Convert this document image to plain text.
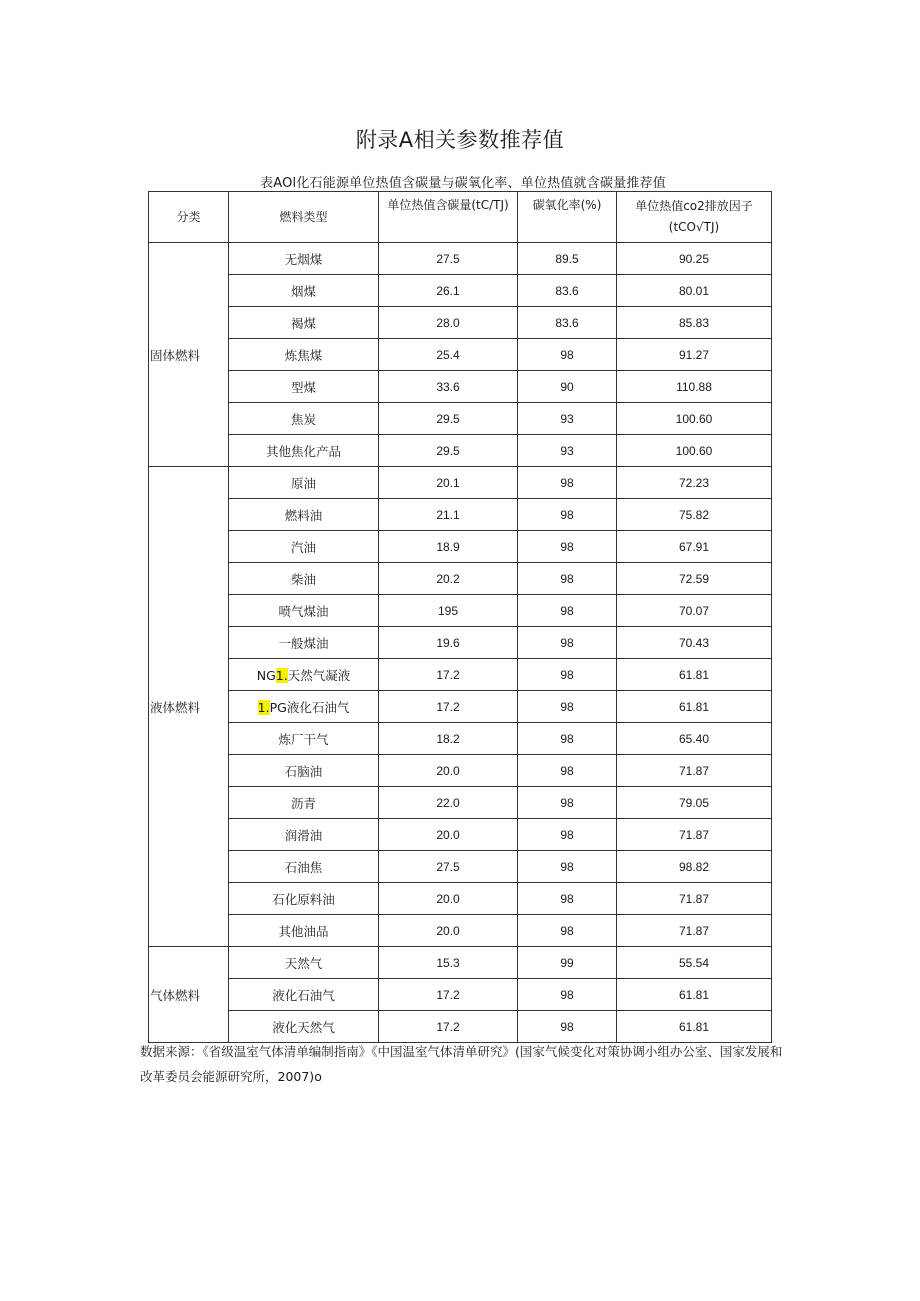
附录A相关参数推荐值
表AOl化石能源单位热值含碳量与碳氧化率、单位热值就含碳量推荐值
分类	燃料类型	单位热值含碳量(tC/TJ)	碳氧化率(%)	单位热值co2排放因子
(tCO√TJ)

固体燃料	无烟煤	27.5	89.5	90.25
	烟煤	26.1	83.6	80.01
	褐煤	28.0	83.6	85.83
	炼焦煤	25.4	98	91.27
	型煤	33.6	90	110.88
	焦炭	29.5	93	100.60
	其他焦化产品	29.5	93	100.60
液体燃料	原油	20.1	98	72.23
	燃料油	21.1	98	75.82
	汽油	18.9	98	67.91
	柴油	20.2	98	72.59
	喷气煤油	195	98	70.07
	一般煤油	19.6	98	70.43
	NG1.天然气凝液	17.2	98	61.81
	1.PG液化石油气	17.2	98	61.81
	炼厂干气	18.2	98	65.40
	石脑油	20.0	98	71.87
	沥青	22.0	98	79.05
	润滑油	20.0	98	71.87
	石油焦	27.5	98	98.82
	石化原料油	20.0	98	71.87
	其他油品	20.0	98	71.87
气体燃料	天然气	15.3	99	55.54
	液化石油气	17.2	98	61.81
	液化天然气	17.2	98	61.81
数据来源：《省级温室气体清单编制指南》《中国温室气体清单研究》(国家气候变化对策协调小组办公室、国家发展和改革委员会能源研究所，2007)o
